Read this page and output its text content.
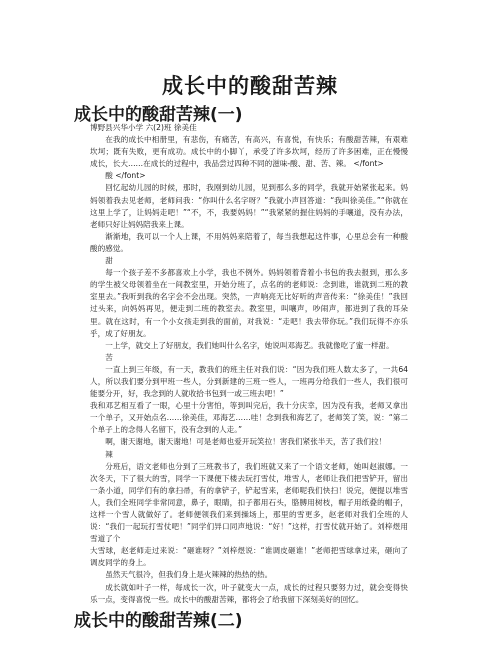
成长中的酸甜苦辣
成长中的酸甜苦辣(一)

博野县兴华小学 六(2)班 徐美佳

在我的成长中相册里，有悲伤，有痛苦，有高兴，有喜悦，有快乐；有酸甜苦辣，有艰难坎坷；既有失败，更有成功。成长中的小脚丫，承受了许多坎坷，经历了许多困难，正在慢慢成长，长大……在成长的过程中，我品尝过四种不同的滋味-酸、甜、苦、辣。 </font>

酸 </font>

回忆起幼儿园的时候，那时，我刚到幼儿园，见到那么多的同学，我就开始紧张起来。妈妈领着我去见老师，老师问我：“你叫什么名字呀？”我就小声回答道：“我叫徐美佳。”“你就在这里上学了，让妈妈走吧！”“不，不，我要妈妈！”“我紧紧的握住妈妈的手嚷道，没有办法，老师只好让妈妈陪我来上课。

渐渐地，我可以一个人上课，不用妈妈来陪着了，每当我想起这件事，心里总会有一种酸酸的感觉。

甜

每一个孩子差不多都喜欢上小学，我也不例外。妈妈领着背着小书包的我去报到，那么多的学生被父母领着坐在一间教室里，开始分班了，点名的的老师说：念到谁，谁就到二班的教室里去。”我听到我的名字会不会出现。突然，一声响亮无比好听的声音传来：“徐美佳！”我回过头来，向妈妈再见，便走到二班的教室去。教室里，叫嚷声，吵闹声，都进到了我的耳朵里。就在这时，有一个小女孩走到我的面前，对我说：“走吧！我去带你玩。”我们玩得不亦乐乎，成了好朋友。

一上学，就交上了好朋友，我们她叫什么名字，她说叫邓海艺。我就像吃了蜜一样甜。

苦

一直上到三年级，有一天，教我们的班主任对我们说：“因为我们班人数太多了，一共64人，所以我们要分到甲班一些人，分到新建的三班一些人，一班再分给我们一些人，我们很可能要分开，好，我念到的人就收拾书包到一或三班去吧！”

我和邓艺相互看了一眼，心里十分害怕，等到叫完后，我十分庆幸，因为没有我，老师又拿出一个单子，又开始点名……徐美佳，邓海艺……哇！念到我和海艺了，老师笑了笑，说：“第二个单子上的念得人名留下，没有念到的人走。”

啊，谢天谢地，谢天谢地！可是老师也爱开玩笑拉！害我们紧张半天，苦了我们拉！

辣

分班后，语文老师也分到了三班教书了，我们班就又来了一个语文老师，她叫赵淑娜。一次冬天，下了很大的雪，同学一下课便下楼去玩打雪仗，堆雪人，老师让我们把雪铲开，留出一条小道，同学们有的拿扫帚，有的拿铲子，铲起雪来，老师呢我们快扫！说完，便提以堆雪人，我们全班同学非常同意，鼻子，眼睛，扣子都用石头，胳膊用树枝，帽子用纸叠的帽子，这样一个雪人就做好了。老师便领我们来到操场上，那里的雪更多，赵老师对我们全班的人说：“我们一起玩打雪仗吧！”同学们异口同声地说：“好！”这样，打雪仗就开始了。刘梓煜用雪道了个

大雪球，赵老师走过来说：“砸谁呀？”刘梓煜说：“谁调皮砸谁！”老师把雪球拿过来，砸向了调皮同学的身上。

虽然天气很冷，但我们身上是火辣辣的热热的热。

成长就如叶子一样，每成长一次，叶子就变大一点，成长的过程只要努力过，就会变得快乐一点，变得喜悦一些。成长中的酸甜苦辣，都将会了给我留下深刻美好的回忆。

成长中的酸甜苦辣(二)
